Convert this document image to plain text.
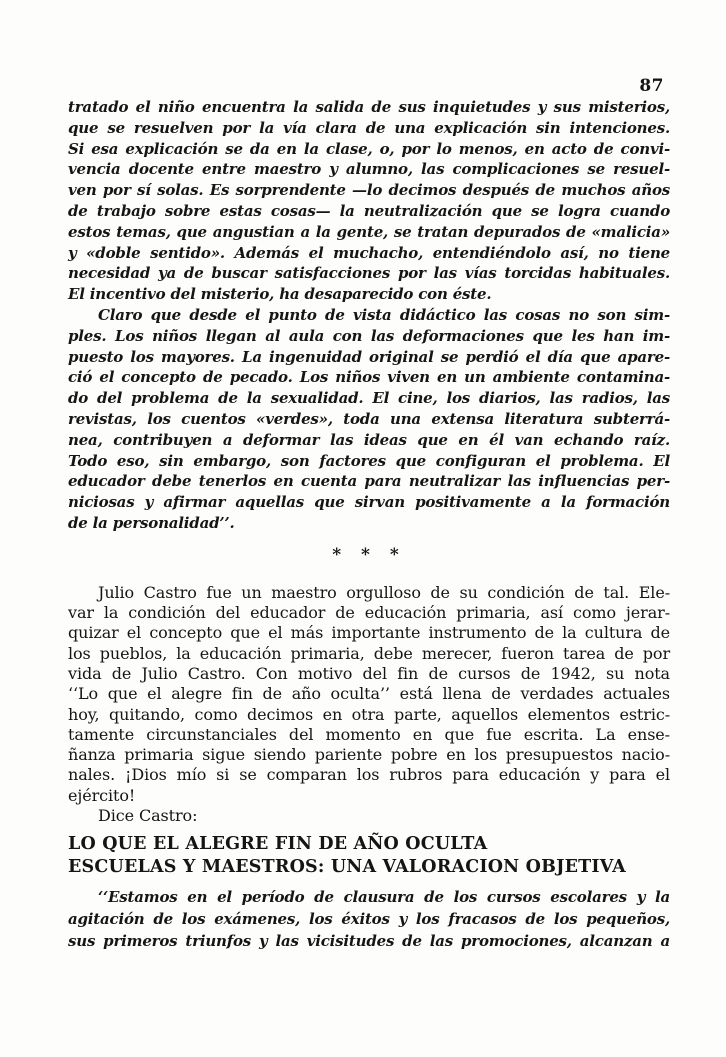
87
tratado el niño encuentra la salida de sus inquietudes y sus misterios,
que se resuelven por la vía clara de una explicación sin intenciones.
Si esa explicación se da en la clase, o, por lo menos, en acto de convi-
vencia docente entre maestro y alumno, las complicaciones se resuel-
ven por sí solas. Es sorprendente —lo decimos después de muchos años
de trabajo sobre estas cosas— la neutralización que se logra cuando
estos temas, que angustian a la gente, se tratan depurados de «malicia»
y «doble sentido». Además el muchacho, entendiéndolo así, no tiene
necesidad ya de buscar satisfacciones por las vías torcidas habituales.
El incentivo del misterio, ha desaparecido con éste.
Claro que desde el punto de vista didáctico las cosas no son sim-
ples. Los niños llegan al aula con las deformaciones que les han im-
puesto los mayores. La ingenuidad original se perdió el día que apare-
ció el concepto de pecado. Los niños viven en un ambiente contamina-
do del problema de la sexualidad. El cine, los diarios, las radios, las
revistas, los cuentos «verdes», toda una extensa literatura subterrá-
nea, contribuyen a deformar las ideas que en él van echando raíz.
Todo eso, sin embargo, son factores que configuran el problema. El
educador debe tenerlos en cuenta para neutralizar las influencias per-
niciosas y afirmar aquellas que sirvan positivamente a la formación
de la personalidad’’.
* * *
Julio Castro fue un maestro orgulloso de su condición de tal. Ele-
var la condición del educador de educación primaria, así como jerar-
quizar el concepto que el más importante instrumento de la cultura de
los pueblos, la educación primaria, debe merecer, fueron tarea de por
vida de Julio Castro. Con motivo del fin de cursos de 1942, su nota
‘‘Lo que el alegre fin de año oculta’’ está llena de verdades actuales
hoy, quitando, como decimos en otra parte, aquellos elementos estric-
tamente circunstanciales del momento en que fue escrita. La ense-
ñanza primaria sigue siendo pariente pobre en los presupuestos nacio-
nales. ¡Dios mío si se comparan los rubros para educación y para el
ejército!
Dice Castro:
LO QUE EL ALEGRE FIN DE AÑO OCULTA
ESCUELAS Y MAESTROS: UNA VALORACION OBJETIVA
‘‘Estamos en el período de clausura de los cursos escolares y la
agitación de los exámenes, los éxitos y los fracasos de los pequeños,
sus primeros triunfos y las vicisitudes de las promociones, alcanzan a
